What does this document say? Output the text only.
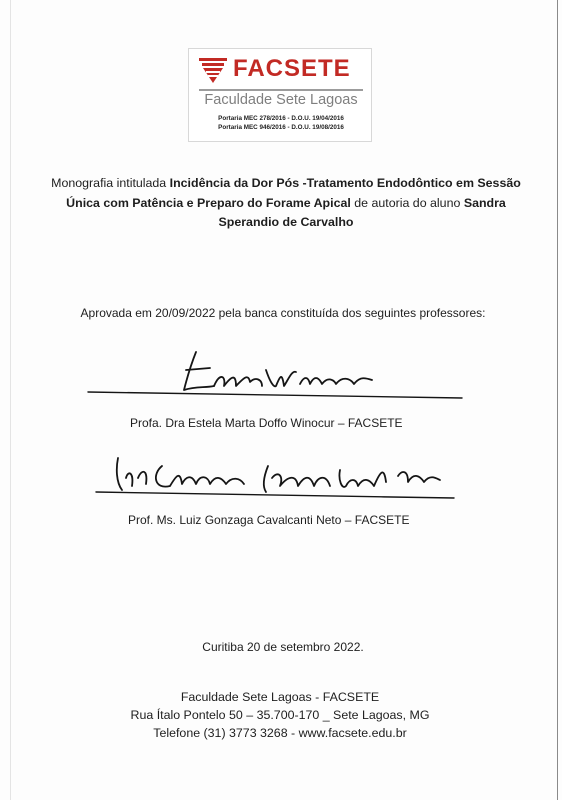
FACSETE
Faculdade Sete Lagoas
Portaria MEC 278/2016 - D.O.U. 19/04/2016
Portaria MEC 946/2016 - D.O.U. 19/08/2016
Monografia intitulada Incidência da Dor Pós -Tratamento Endodôntico em Sessão Única com Patência e Preparo do Forame Apical de autoria do aluno Sandra Sperandio de Carvalho
Aprovada em 20/09/2022 pela banca constituída dos seguintes professores:
Profa. Dra Estela Marta Doffo Winocur – FACSETE
Prof. Ms. Luiz Gonzaga Cavalcanti Neto – FACSETE
Curitiba 20 de setembro 2022.
Faculdade Sete Lagoas - FACSETE
Rua Ítalo Pontelo 50 – 35.700-170 _ Sete Lagoas, MG
Telefone (31) 3773 3268 - www.facsete.edu.br
